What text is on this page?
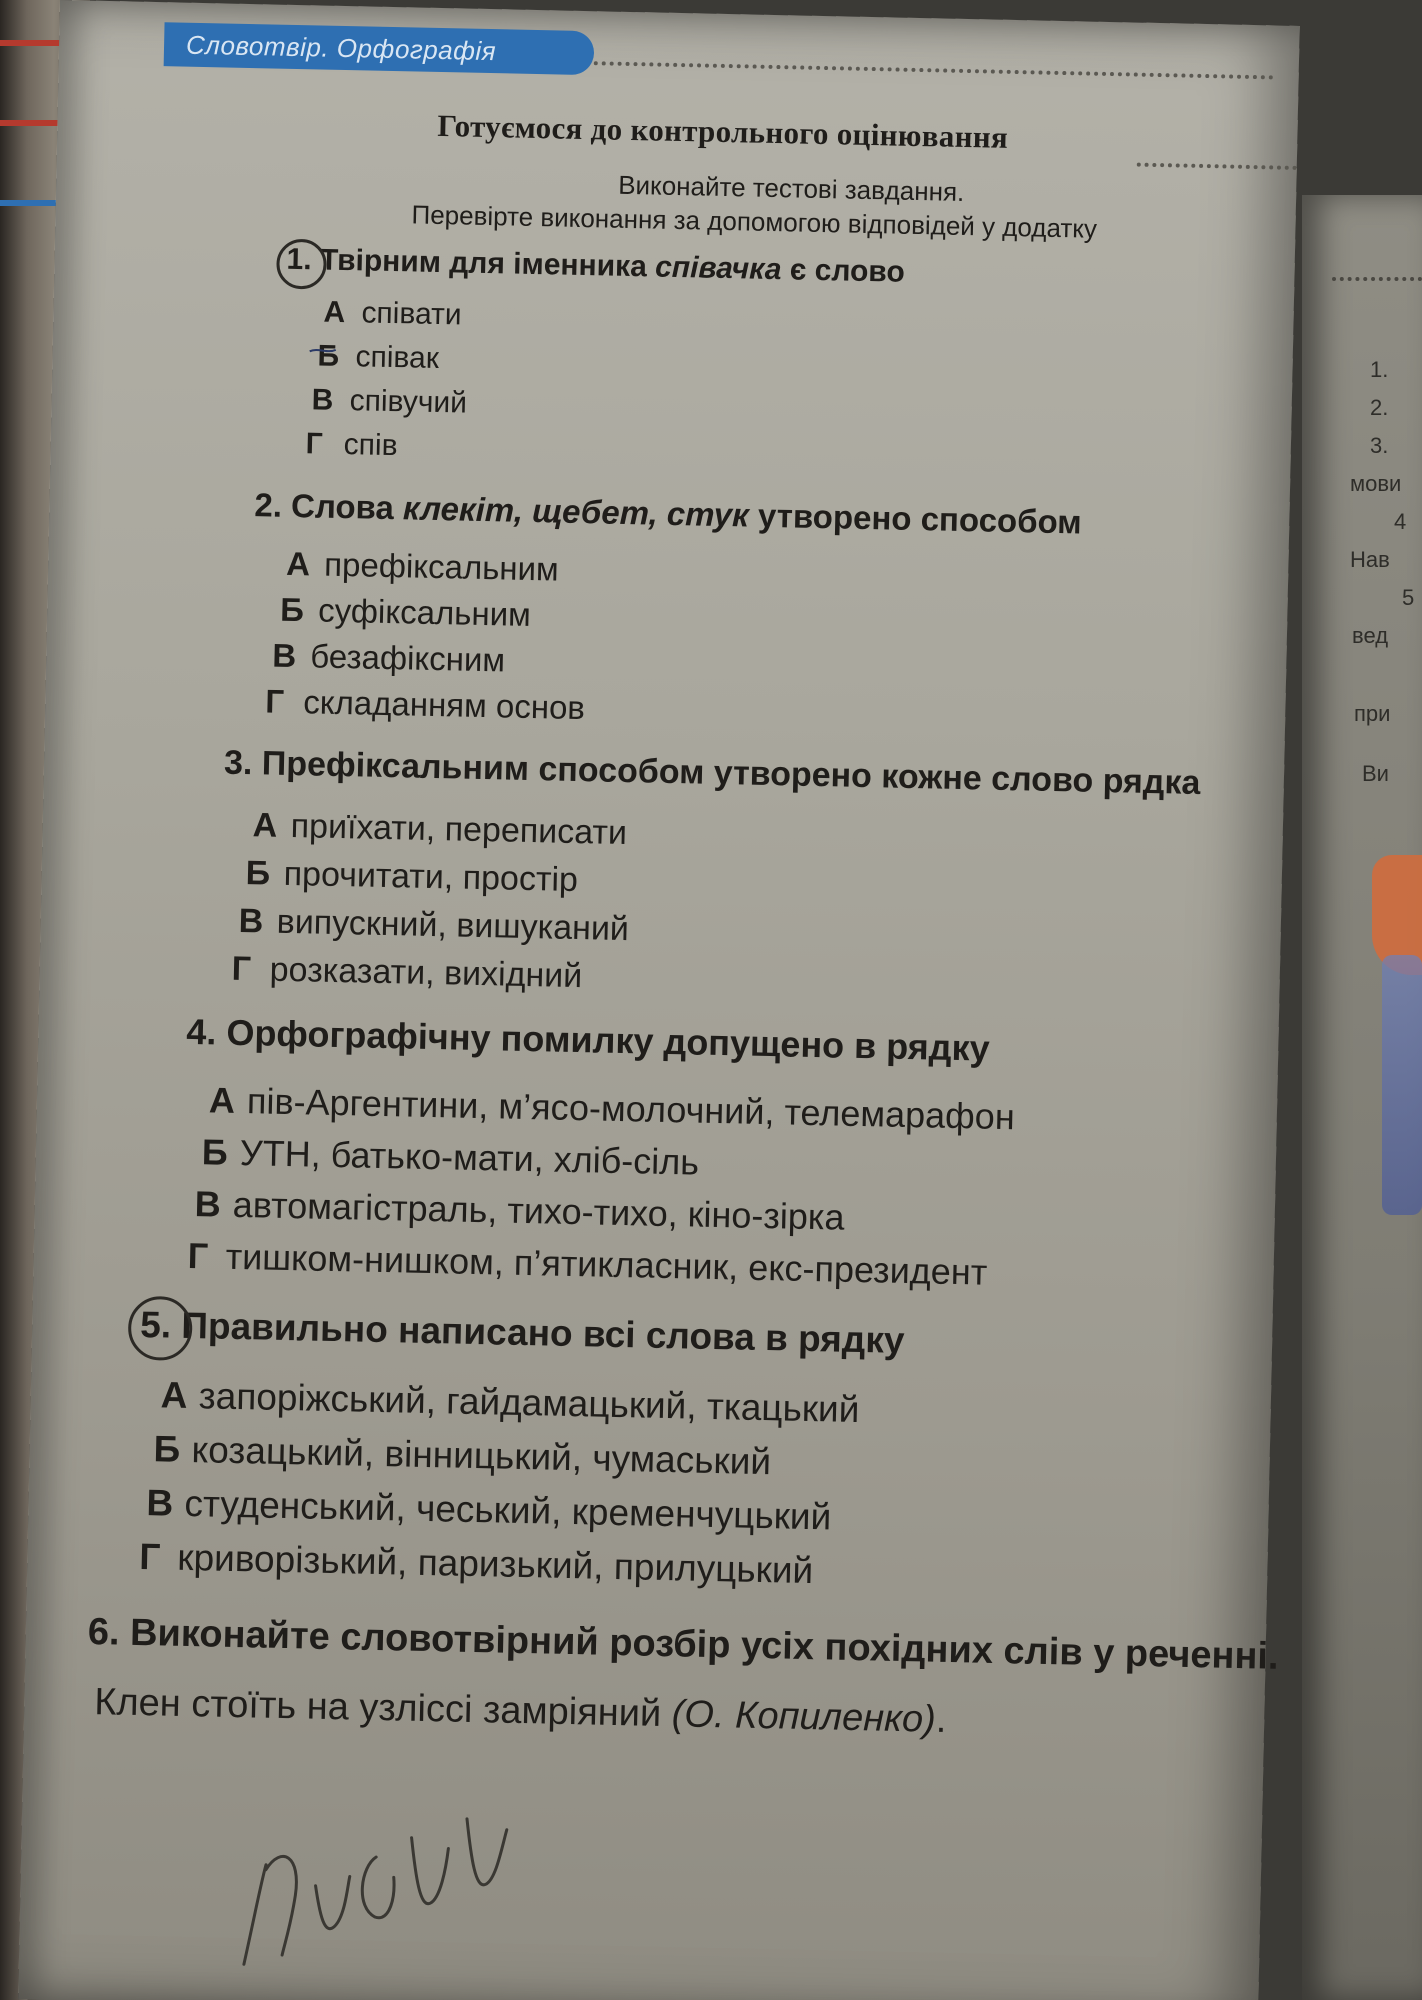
1.
2.
3.
мови
4
Нав
5
вед
при
Ви
Словотвір. Орфографія
Готуємося до контрольного оцінювання
Виконайте тестові завдання.
Перевірте виконання за допомогою відповідей у додатку
1. Твірним для іменника співачка є слово
А співати
Б співак
В співучий
Г спів
2. Слова клекіт, щебет, стук утворено способом
А префіксальним
Б суфіксальним
В безафіксним
Г складанням основ
3. Префіксальним способом утворено кожне слово рядка
А приїхати, переписати
Б прочитати, простір
В випускний, вишуканий
Г розказати, вихідний
4. Орфографічну помилку допущено в рядку
А пів-Аргентини, м’ясо-молочний, телемарафон
Б УТН, батько-мати, хліб-сіль
В автомагістраль, тихо-тихо, кіно-зірка
Г тишком-нишком, п’ятикласник, екс-президент
5. Правильно написано всі слова в рядку
А запоріжський, гайдамацький, ткацький
Б козацький, вінницький, чумаський
В студенський, чеський, кременчуцький
Г криворізький, паризький, прилуцький
6. Виконайте словотвірний розбір усіх похідних слів у реченні.
Клен стоїть на узліссі замріяний (О. Копиленко).
